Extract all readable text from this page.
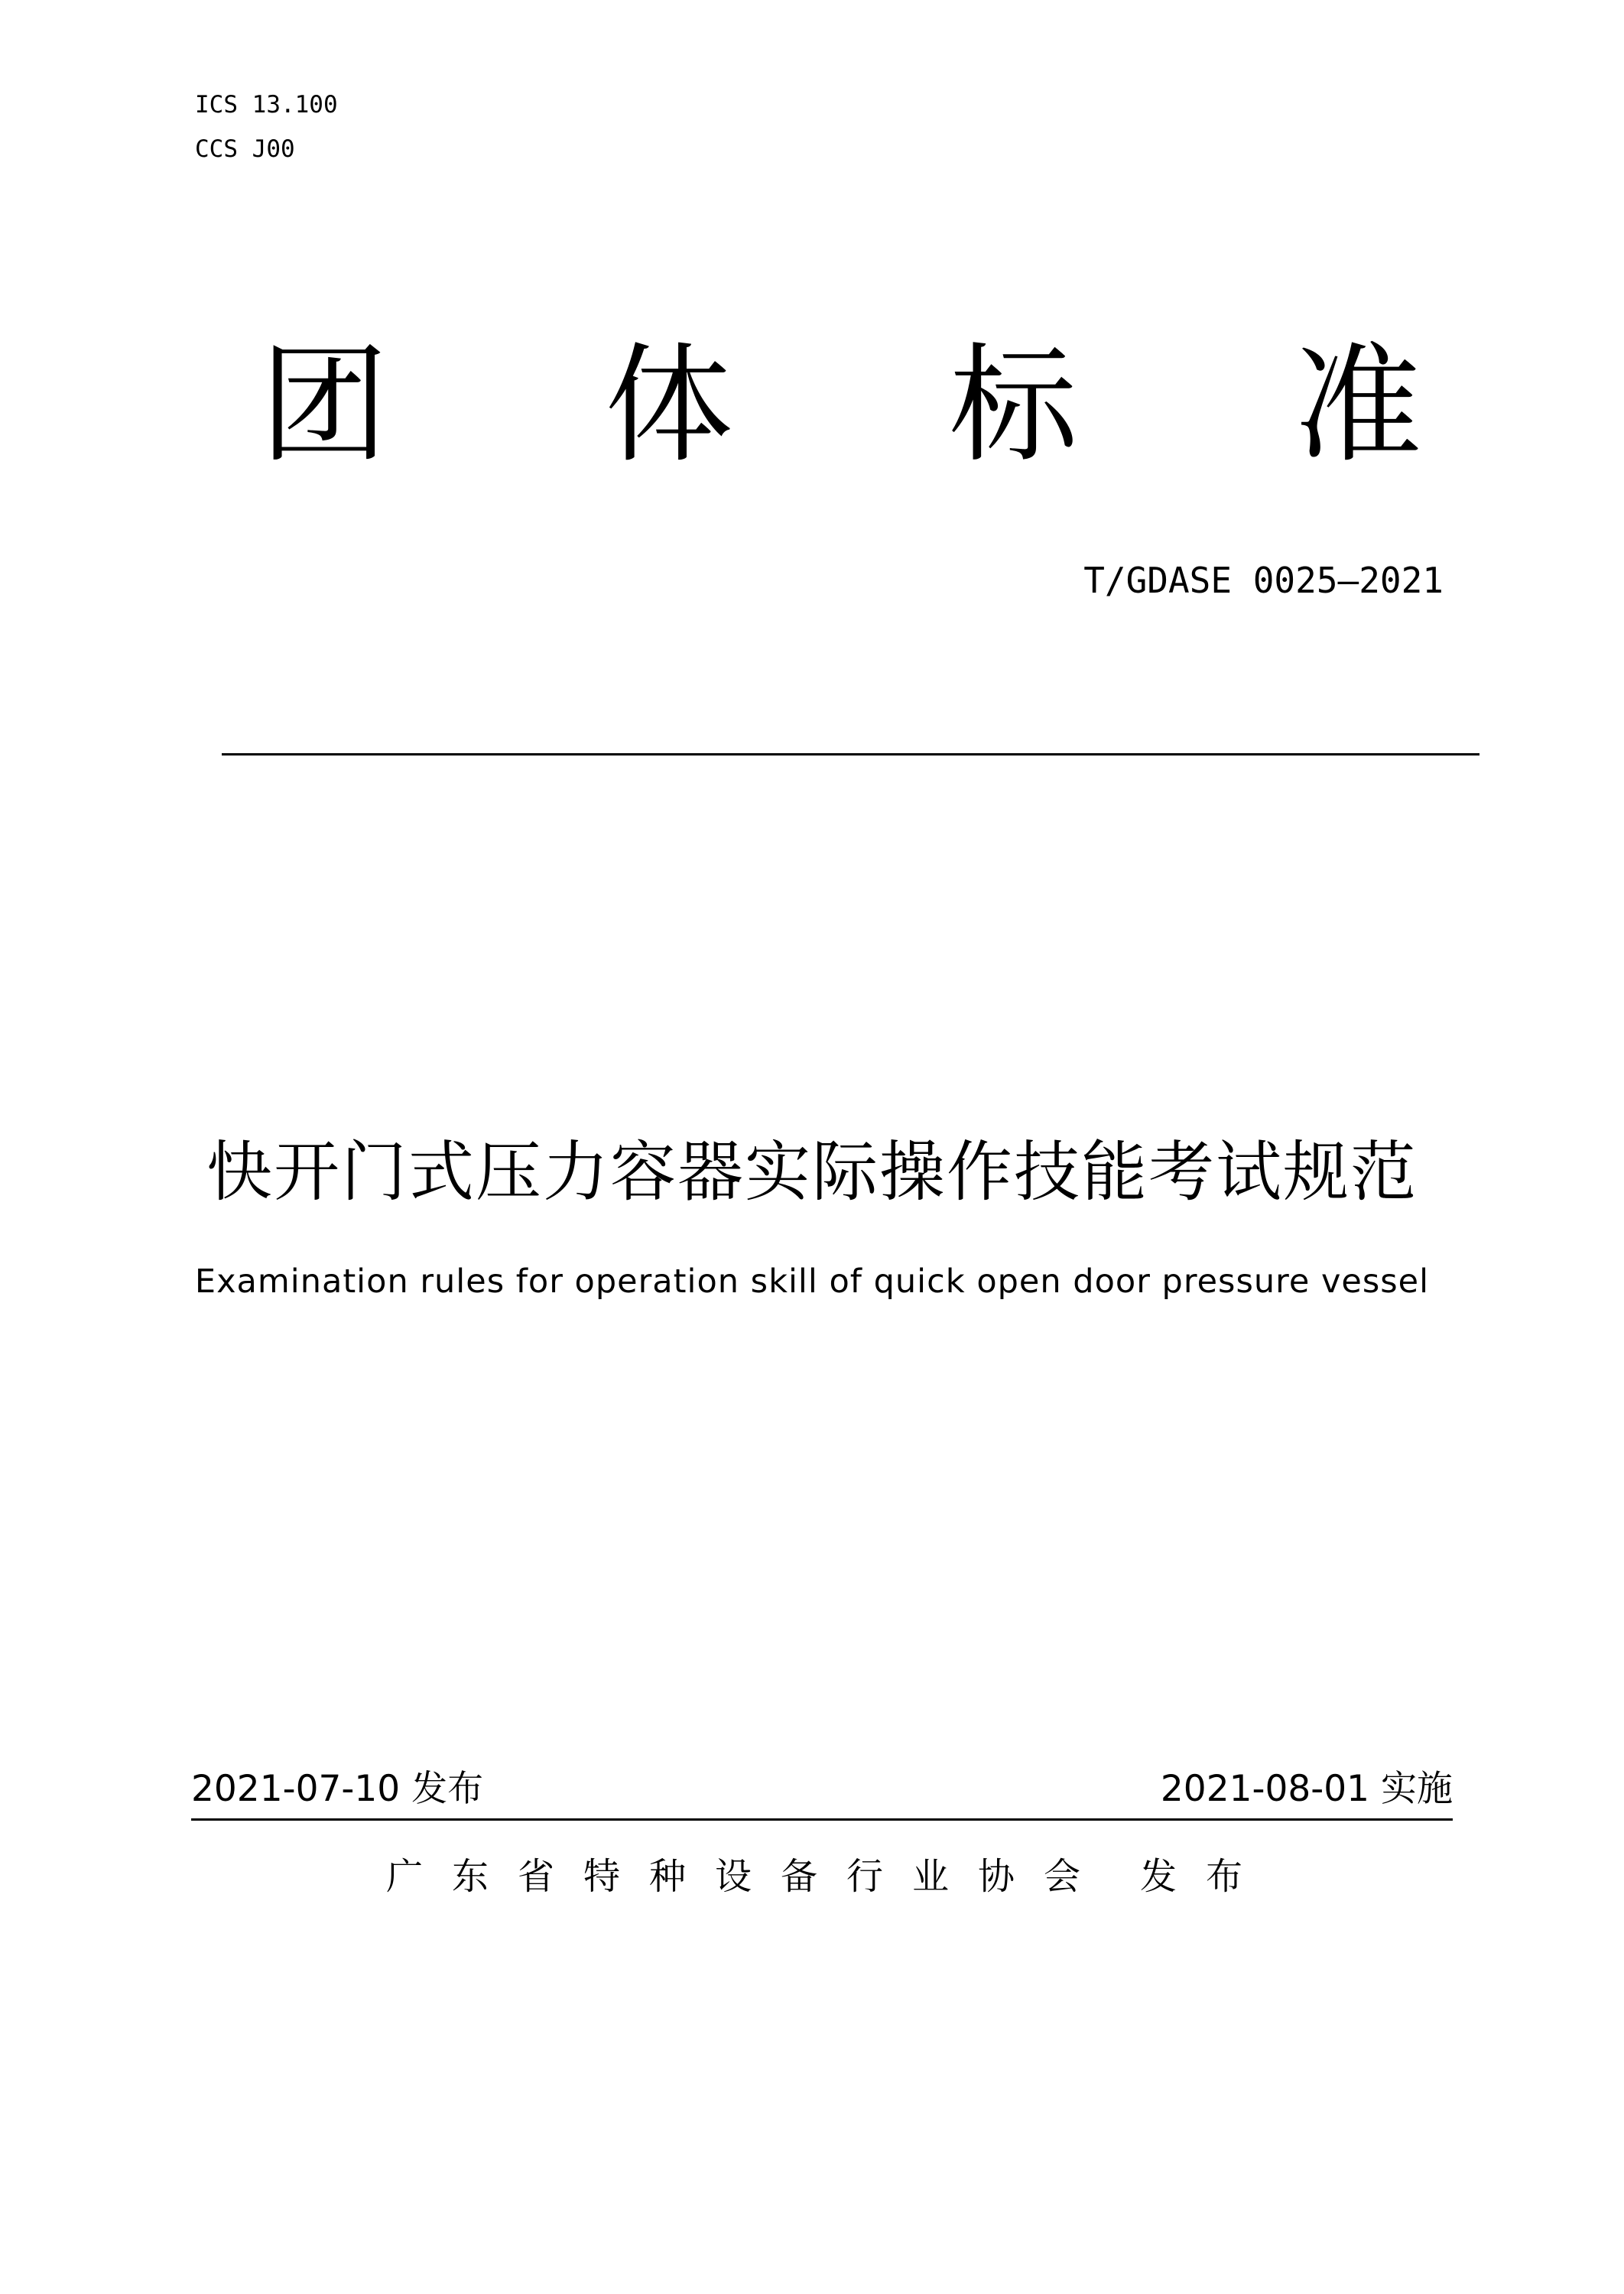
ICS 13.100
CCS J00
团 体 标 准
T/GDASE 0025—2021
快开门式压力容器实际操作技能考试规范
Examination rules for operation skill of quick open door pressure vessel
2021-07-10 发布	2021-08-01 实施
广东省特种设备行业协会 发布
